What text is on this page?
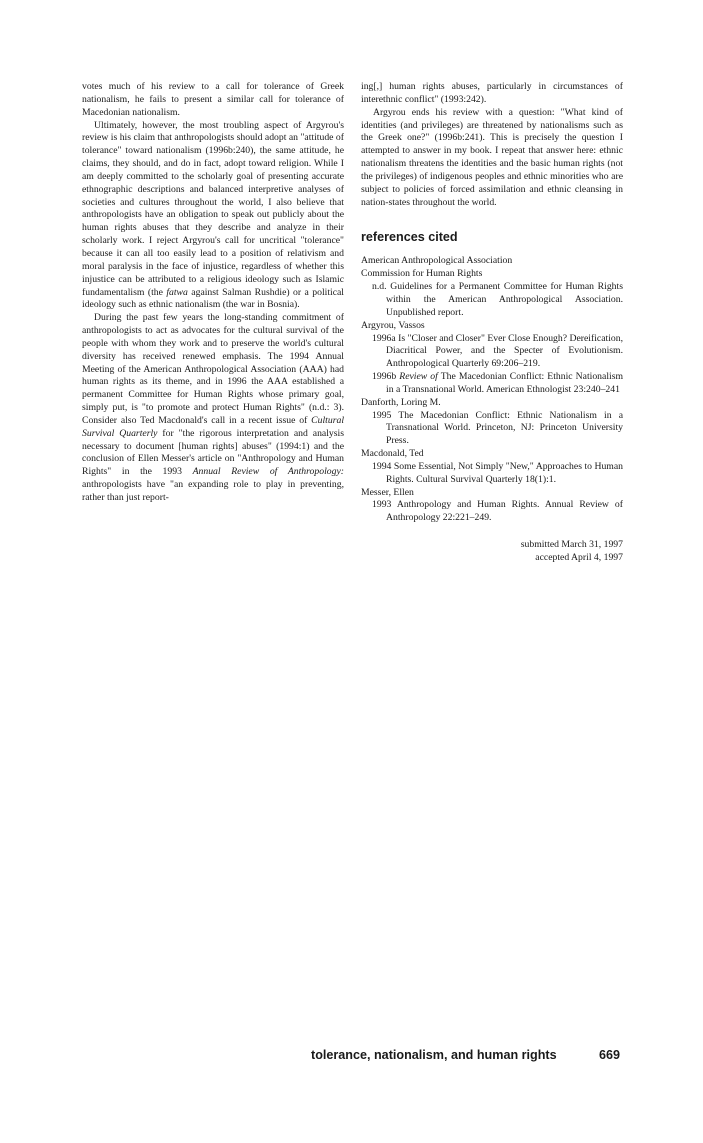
votes much of his review to a call for tolerance of Greek nationalism, he fails to present a similar call for tolerance of Macedonian nationalism.

Ultimately, however, the most troubling aspect of Argyrou's review is his claim that anthropologists should adopt an "attitude of tolerance" toward nationalism (1996b:240), the same attitude, he claims, they should, and do in fact, adopt toward religion. While I am deeply committed to the scholarly goal of presenting accurate ethnographic descriptions and balanced interpretive analyses of societies and cultures throughout the world, I also believe that anthropologists have an obligation to speak out publicly about the human rights abuses that they describe and analyze in their scholarly work. I reject Argyrou's call for uncritical "tolerance" because it can all too easily lead to a position of relativism and moral paralysis in the face of injustice, regardless of whether this injustice can be attributed to a religious ideology such as Islamic fundamentalism (the fatwa against Salman Rushdie) or a political ideology such as ethnic nationalism (the war in Bosnia).

During the past few years the long-standing commitment of anthropologists to act as advocates for the cultural survival of the people with whom they work and to preserve the world's cultural diversity has received renewed emphasis. The 1994 Annual Meeting of the American Anthropological Association (AAA) had human rights as its theme, and in 1996 the AAA established a permanent Committee for Human Rights whose primary goal, simply put, is "to promote and protect Human Rights" (n.d.: 3). Consider also Ted Macdonald's call in a recent issue of Cultural Survival Quarterly for "the rigorous interpretation and analysis necessary to document [human rights] abuses" (1994:1) and the conclusion of Ellen Messer's article on "Anthropology and Human Rights" in the 1993 Annual Review of Anthropology: anthropologists have "an expanding role to play in preventing, rather than just report-

ing[,] human rights abuses, particularly in circumstances of interethnic conflict" (1993:242).

Argyrou ends his review with a question: "What kind of identities (and privileges) are threatened by nationalisms such as the Greek one?" (1996b:241). This is precisely the question I attempted to answer in my book. I repeat that answer here: ethnic nationalism threatens the identities and the basic human rights (not the privileges) of indigenous peoples and ethnic minorities who are subject to policies of forced assimilation and ethnic cleansing in nation-states throughout the world.

references cited

American Anthropological Association

Commission for Human Rights

n.d. Guidelines for a Permanent Committee for Human Rights within the American Anthropological Association. Unpublished report.

Argyrou, Vassos

1996a Is "Closer and Closer" Ever Close Enough? Dereification, Diacritical Power, and the Specter of Evolutionism. Anthropological Quarterly 69:206–219.

1996b Review of The Macedonian Conflict: Ethnic Nationalism in a Transnational World. American Ethnologist 23:240–241

Danforth, Loring M.

1995 The Macedonian Conflict: Ethnic Nationalism in a Transnational World. Princeton, NJ: Princeton University Press.

Macdonald, Ted

1994 Some Essential, Not Simply "New," Approaches to Human Rights. Cultural Survival Quarterly 18(1):1.

Messer, Ellen

1993 Anthropology and Human Rights. Annual Review of Anthropology 22:221–249.

submitted March 31, 1997
accepted April 4, 1997
tolerance, nationalism, and human rights	669
